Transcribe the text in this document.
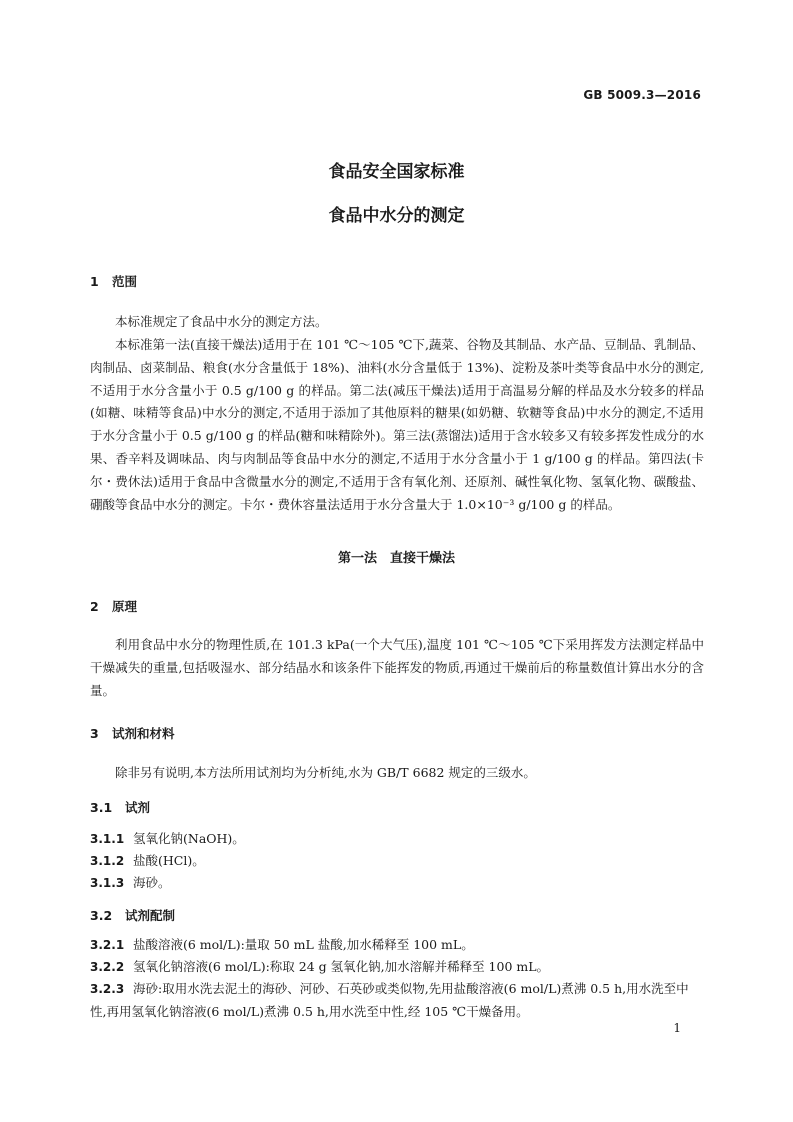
GB 5009.3—2016
食品安全国家标准
食品中水分的测定
1 范围
本标准规定了食品中水分的测定方法。
本标准第一法(直接干燥法)适用于在 101 ℃～105 ℃下,蔬菜、谷物及其制品、水产品、豆制品、乳制品、肉制品、卤菜制品、粮食(水分含量低于 18%)、油料(水分含量低于 13%)、淀粉及茶叶类等食品中水分的测定,不适用于水分含量小于 0.5 g/100 g 的样品。第二法(减压干燥法)适用于高温易分解的样品及水分较多的样品(如糖、味精等食品)中水分的测定,不适用于添加了其他原料的糖果(如奶糖、软糖等食品)中水分的测定,不适用于水分含量小于 0.5 g/100 g 的样品(糖和味精除外)。第三法(蒸馏法)适用于含水较多又有较多挥发性成分的水果、香辛料及调味品、肉与肉制品等食品中水分的测定,不适用于水分含量小于 1 g/100 g 的样品。第四法(卡尔・费休法)适用于食品中含微量水分的测定,不适用于含有氧化剂、还原剂、碱性氧化物、氢氧化物、碳酸盐、硼酸等食品中水分的测定。卡尔・费休容量法适用于水分含量大于 1.0×10⁻³ g/100 g 的样品。
第一法　直接干燥法
2 原理
利用食品中水分的物理性质,在 101.3 kPa(一个大气压),温度 101 ℃～105 ℃下采用挥发方法测定样品中干燥减失的重量,包括吸湿水、部分结晶水和该条件下能挥发的物质,再通过干燥前后的称量数值计算出水分的含量。
3 试剂和材料
除非另有说明,本方法所用试剂均为分析纯,水为 GB/T 6682 规定的三级水。
3.1 试剂
3.1.1 氢氧化钠(NaOH)。
3.1.2 盐酸(HCl)。
3.1.3 海砂。
3.2 试剂配制
3.2.1 盐酸溶液(6 mol/L):量取 50 mL 盐酸,加水稀释至 100 mL。
3.2.2 氢氧化钠溶液(6 mol/L):称取 24 g 氢氧化钠,加水溶解并稀释至 100 mL。
3.2.3 海砂:取用水洗去泥土的海砂、河砂、石英砂或类似物,先用盐酸溶液(6 mol/L)煮沸 0.5 h,用水洗至中性,再用氢氧化钠溶液(6 mol/L)煮沸 0.5 h,用水洗至中性,经 105 ℃干燥备用。
1
